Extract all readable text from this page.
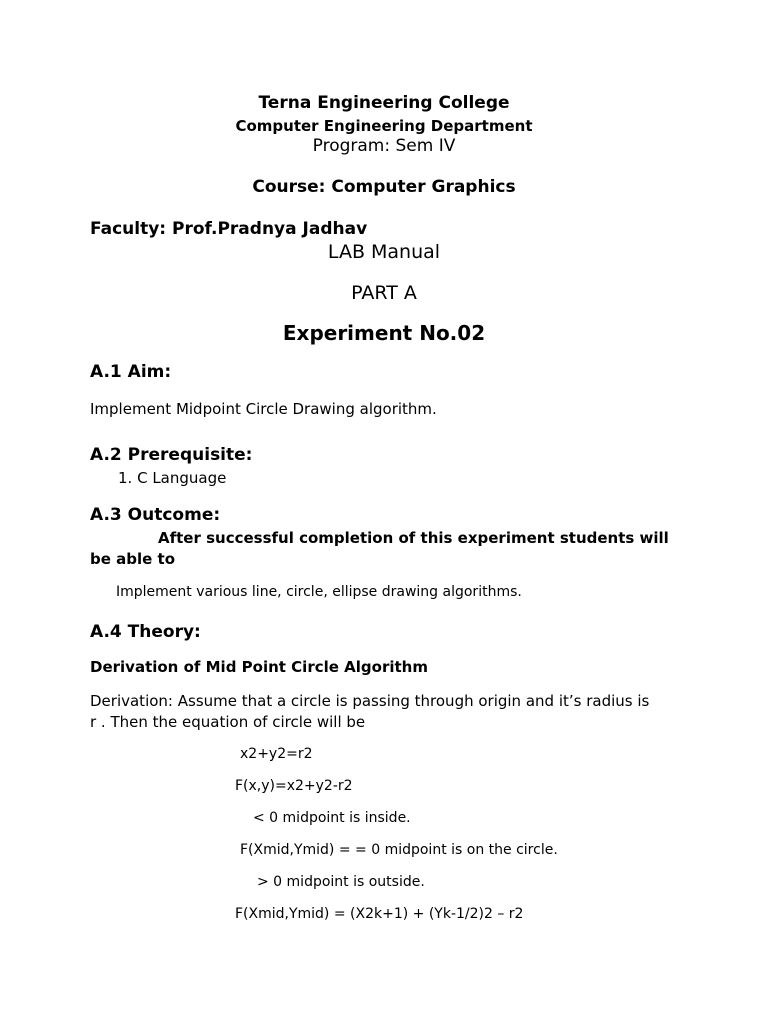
Terna Engineering College
Computer Engineering Department
Program: Sem IV
Course: Computer Graphics
Faculty: Prof.Pradnya Jadhav
LAB Manual
PART A
Experiment No.02
A.1 Aim:
Implement Midpoint Circle Drawing algorithm.
A.2 Prerequisite:
1. C Language
A.3 Outcome:
After successful completion of this experiment students will
be able to
Implement various line, circle, ellipse drawing algorithms.
A.4 Theory:
Derivation of Mid Point Circle Algorithm
Derivation: Assume that a circle is passing through origin and it’s radius is
r . Then the equation of circle will be
x2+y2=r2
F(x,y)=x2+y2-r2
< 0 midpoint is inside.
F(Xmid,Ymid) = = 0 midpoint is on the circle.
> 0 midpoint is outside.
F(Xmid,Ymid) = (X2k+1) + (Yk-1/2)2 – r2
